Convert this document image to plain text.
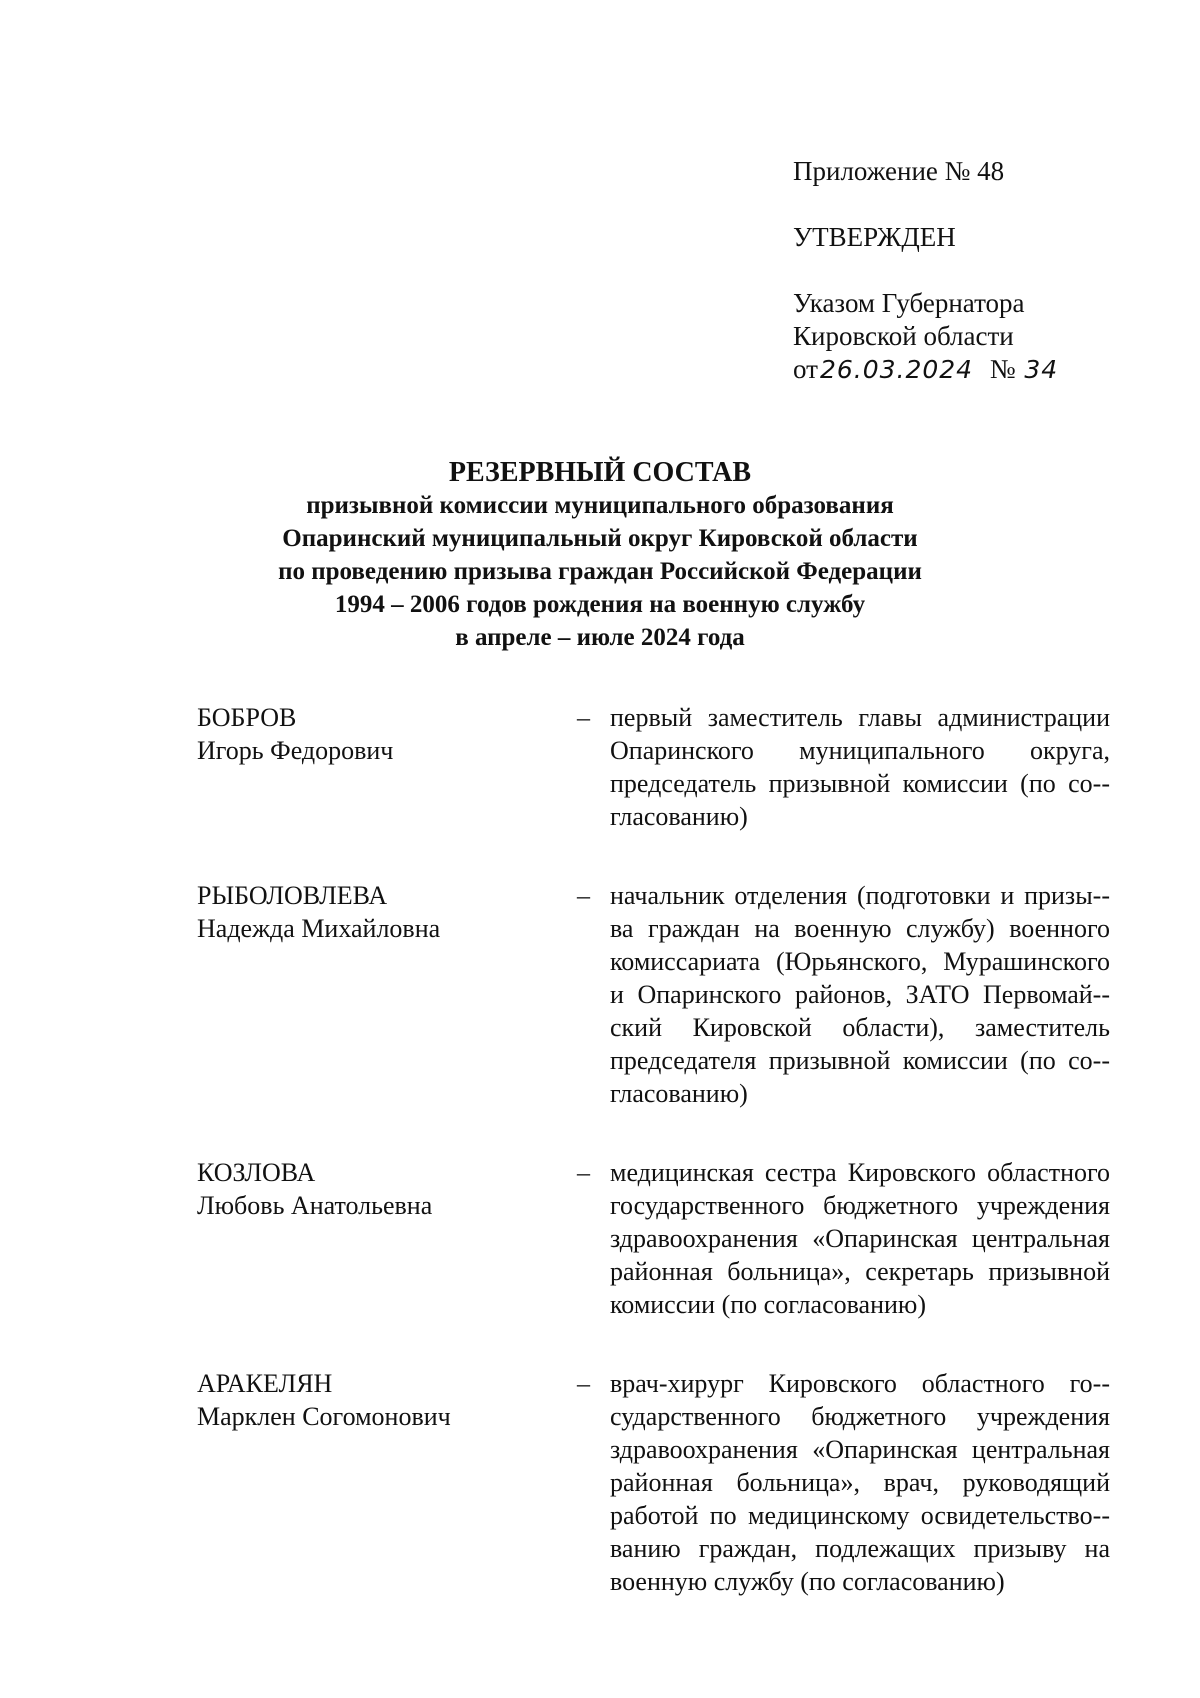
Приложение № 48
УТВЕРЖДЕН
Указом Губернатора
Кировской области
от26.03.2024 № 34
РЕЗЕРВНЫЙ СОСТАВ
призывной комиссии муниципального образования
Опаринский муниципальный округ Кировской области
по проведению призыва граждан Российской Федерации
1994 – 2006 годов рождения на военную службу
в апреле – июле 2024 года
БОБРОВ
Игорь Федорович
– первый заместитель главы администрации Опаринского муниципального округа, председатель призывной комиссии (по со-гласованию)
РЫБОЛОВЛЕВА
Надежда Михайловна
– начальник отделения (подготовки и призы-ва граждан на военную службу) военного комиссариата (Юрьянского, Мурашинского и Опаринского районов, ЗАТО Первомай-ский Кировской области), заместитель председателя призывной комиссии (по со-гласованию)
КОЗЛОВА
Любовь Анатольевна
– медицинская сестра Кировского областного государственного бюджетного учреждения здравоохранения «Опаринская центральная районная больница», секретарь призывной комиссии (по согласованию)
АРАКЕЛЯН
Марклен Согомонович
– врач-хирург Кировского областного го-сударственного бюджетного учреждения здравоохранения «Опаринская центральная районная больница», врач, руководящий работой по медицинскому освидетельство-ванию граждан, подлежащих призыву на военную службу (по согласованию)
